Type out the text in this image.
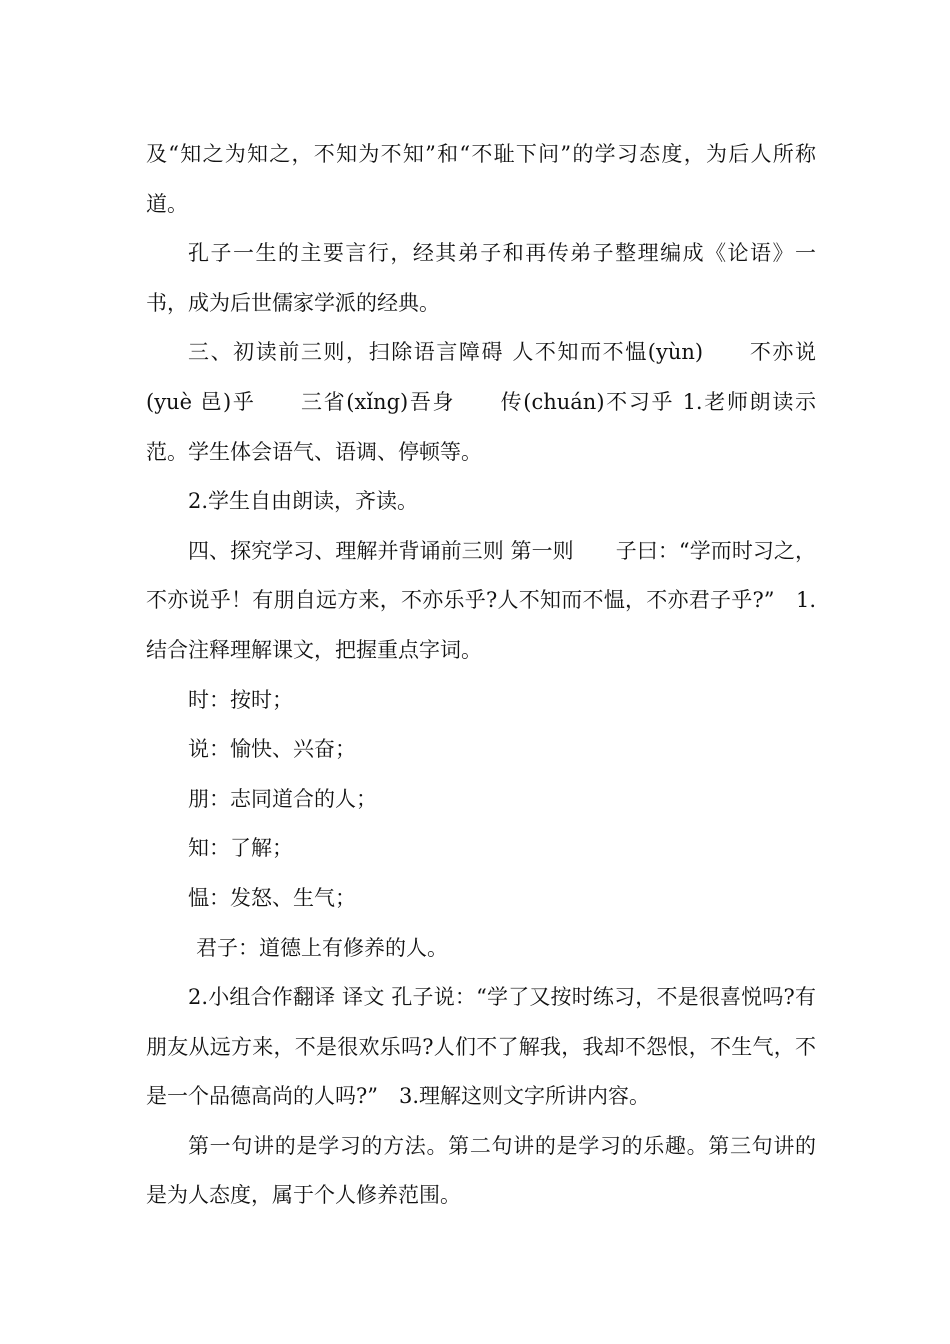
及“知之为知之，不知为不知”和“不耻下问”的学习态度，为后人所称道。

孔子一生的主要言行，经其弟子和再传弟子整理编成《论语》一书，成为后世儒家学派的经典。

三、初读前三则，扫除语言障碍 人不知而不愠(yùn)　　不亦说(yuè 邑)乎　　三省(xǐng)吾身　　传(chuán)不习乎 1.老师朗读示范。学生体会语气、语调、停顿等。

2.学生自由朗读，齐读。

四、探究学习、理解并背诵前三则 第一则　　子曰：“学而时习之，不亦说乎！有朋自远方来，不亦乐乎?人不知而不愠，不亦君子乎?”　1.结合注释理解课文，把握重点字词。

时：按时；

说：愉快、兴奋；

朋：志同道合的人；

知：了解；

愠：发怒、生气；

君子：道德上有修养的人。

2.小组合作翻译 译文 孔子说：“学了又按时练习，不是很喜悦吗?有朋友从远方来，不是很欢乐吗?人们不了解我，我却不怨恨，不生气，不是一个品德高尚的人吗?”　3.理解这则文字所讲内容。

第一句讲的是学习的方法。第二句讲的是学习的乐趣。第三句讲的是为人态度，属于个人修养范围。
